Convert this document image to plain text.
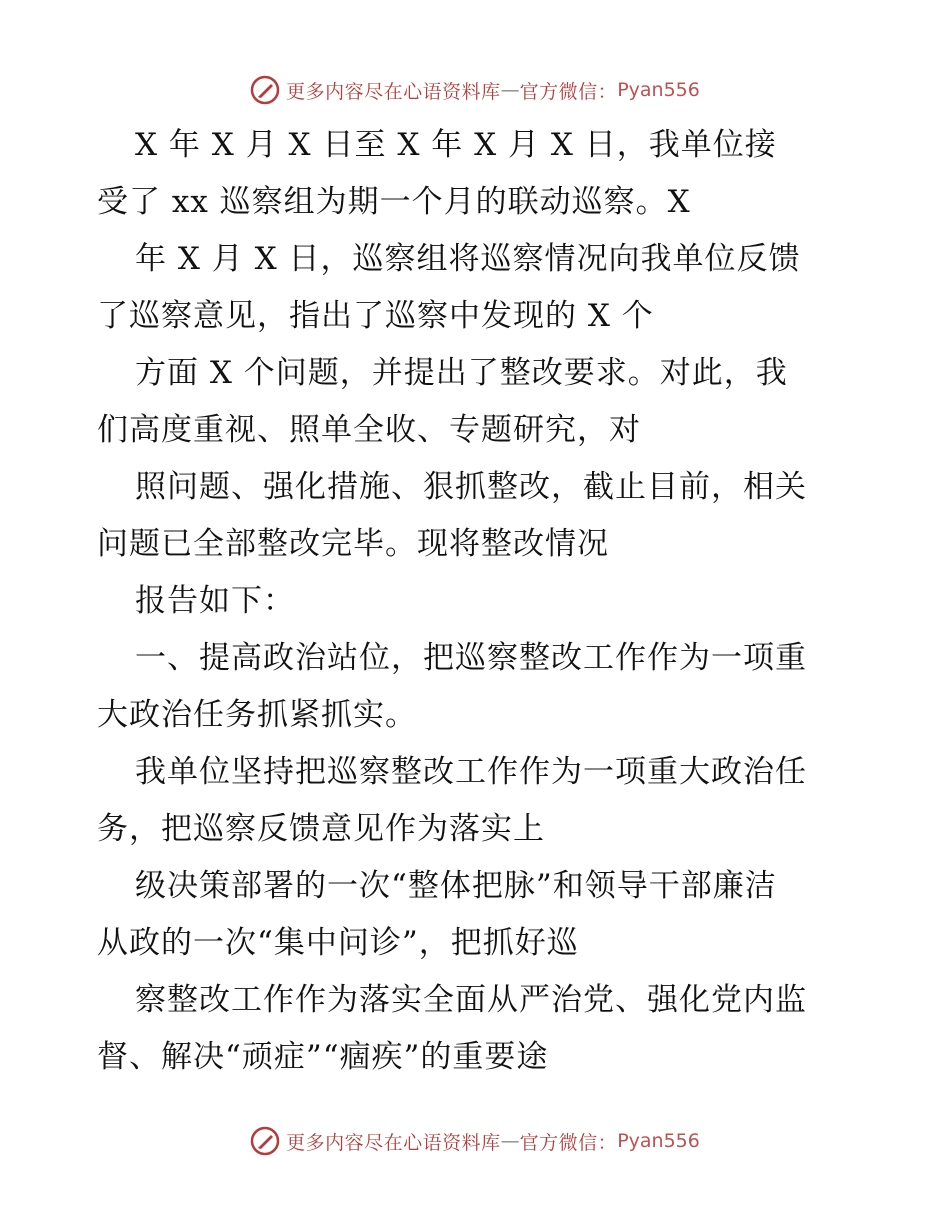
更多内容尽在心语资料库 — 官方微信： Pyan556
X 年 X 月 X 日至 X 年 X 月 X 日，我单位接
受了 xx 巡察组为期一个月的联动巡察。X
年 X 月 X 日，巡察组将巡察情况向我单位反馈
了巡察意见，指出了巡察中发现的 X 个
方面 X 个问题，并提出了整改要求。对此，我
们高度重视、照单全收、专题研究，对
照问题、强化措施、狠抓整改，截止目前，相关
问题已全部整改完毕。现将整改情况
报告如下：
一、提高政治站位，把巡察整改工作作为一项重
大政治任务抓紧抓实。
我单位坚持把巡察整改工作作为一项重大政治任
务，把巡察反馈意见作为落实上
级决策部署的一次“整体把脉”和领导干部廉洁
从政的一次“集中问诊”，把抓好巡
察整改工作作为落实全面从严治党、强化党内监
督、解决“顽症”“痼疾”的重要途
更多内容尽在心语资料库 — 官方微信： Pyan556
